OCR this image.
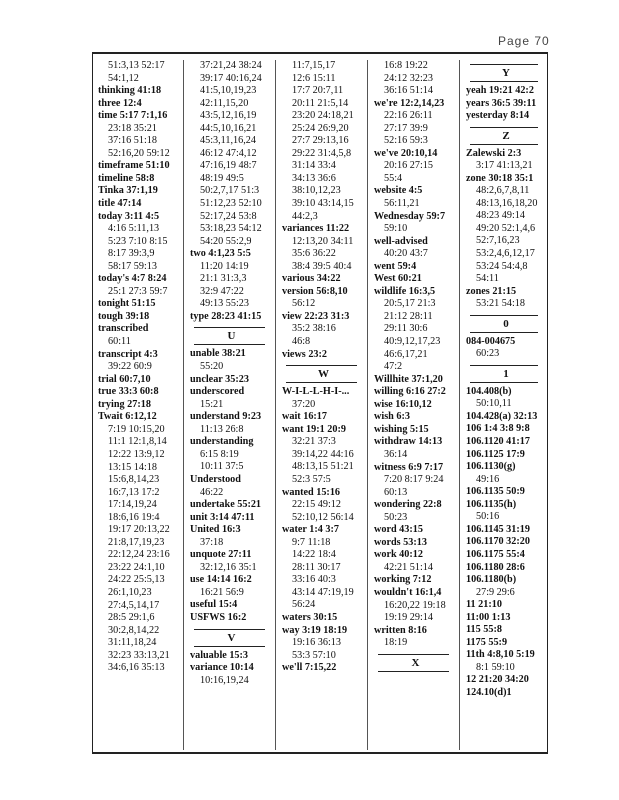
Page 70
51:3,13 52:17
54:1,12
thinking 41:18
three 12:4
time 5:17 7:1,16
23:18 35:21
37:16 51:18
52:16,20 59:12
timeframe 51:10
timeline 58:8
Tinka 37:1,19
title 47:14
today 3:11 4:5
4:16 5:11,13
5:23 7:10 8:15
8:17 39:3,9
58:17 59:13
today's 4:7 8:24
25:1 27:3 59:7
tonight 51:15
tough 39:18
transcribed
60:11
transcript 4:3
39:22 60:9
trial 60:7,10
true 33:3 60:8
trying 27:18
Twait 6:12,12
7:19 10:15,20
11:1 12:1,8,14
12:22 13:9,12
13:15 14:18
15:6,8,14,23
16:7,13 17:2
17:14,19,24
18:6,16 19:4
19:17 20:13,22
21:8,17,19,23
22:12,24 23:16
23:22 24:1,10
24:22 25:5,13
26:1,10,23
27:4,5,14,17
28:5 29:1,6
30:2,8,14,22
31:11,18,24
32:23 33:13,21
34:6,16 35:13
37:21,24 38:24
39:17 40:16,24
41:5,10,19,23
42:11,15,20
43:5,12,16,19
44:5,10,16,21
45:3,11,16,24
46:12 47:4,12
47:16,19 48:7
48:19 49:5
50:2,7,17 51:3
51:12,23 52:10
52:17,24 53:8
53:18,23 54:12
54:20 55:2,9
two 4:1,23 5:5
11:20 14:19
21:1 31:3,3
32:9 47:22
49:13 55:23
type 28:23 41:15
U
unable 38:21
55:20
unclear 35:23
underscored
15:21
understand 9:23
11:13 26:8
understanding
6:15 8:19
10:11 37:5
Understood
46:22
undertake 55:21
unit 3:14 47:11
United 16:3
37:18
unquote 27:11
32:12,16 35:1
use 14:14 16:2
16:21 56:9
useful 15:4
USFWS 16:2
V
valuable 15:3
variance 10:14
10:16,19,24
11:7,15,17
12:6 15:11
17:7 20:7,11
20:11 21:5,14
23:20 24:18,21
25:24 26:9,20
27:7 29:13,16
29:22 31:4,5,8
31:14 33:4
34:13 36:6
38:10,12,23
39:10 43:14,15
44:2,3
variances 11:22
12:13,20 34:11
35:6 36:22
38:4 39:5 40:4
various 34:22
version 56:8,10
56:12
view 22:23 31:3
35:2 38:16
46:8
views 23:2
W
W-I-L-L-H-I-...
37:20
wait 16:17
want 19:1 20:9
32:21 37:3
39:14,22 44:16
48:13,15 51:21
52:3 57:5
wanted 15:16
22:15 49:12
52:10,12 56:14
water 1:4 3:7
9:7 11:18
14:22 18:4
28:11 30:17
33:16 40:3
43:14 47:19,19
56:24
waters 30:15
way 3:19 18:19
19:16 36:13
53:3 57:10
we'll 7:15,22
16:8 19:22
24:12 32:23
36:16 51:14
we're 12:2,14,23
22:16 26:11
27:17 39:9
52:16 59:3
we've 20:10,14
20:16 27:15
55:4
website 4:5
56:11,21
Wednesday 59:7
59:10
well-advised
40:20 43:7
went 59:4
West 60:21
wildlife 16:3,5
20:5,17 21:3
21:12 28:11
29:11 30:6
40:9,12,17,23
46:6,17,21
47:2
Willhite 37:1,20
willing 6:16 27:2
wise 16:10,12
wish 6:3
wishing 5:15
withdraw 14:13
36:14
witness 6:9 7:17
7:20 8:17 9:24
60:13
wondering 22:8
50:23
word 43:15
words 53:13
work 40:12
42:21 51:14
working 7:12
wouldn't 16:1,4
16:20,22 19:18
19:19 29:14
written 8:16
18:19
X
Y
yeah 19:21 42:2
years 36:5 39:11
yesterday 8:14
Z
Zalewski 2:3
3:17 41:13,21
zone 30:18 35:1
48:2,6,7,8,11
48:13,16,18,20
48:23 49:14
49:20 52:1,4,6
52:7,16,23
53:2,4,6,12,17
53:24 54:4,8
54:11
zones 21:15
53:21 54:18
0
084-004675
60:23
1
104.408(b)
50:10,11
104.428(a) 32:13
106 1:4 3:8 9:8
106.1120 41:17
106.1125 17:9
106.1130(g)
49:16
106.1135 50:9
106.1135(h)
50:16
106.1145 31:19
106.1170 32:20
106.1175 55:4
106.1180 28:6
106.1180(b)
27:9 29:6
11 21:10
11:00 1:13
115 55:8
1175 55:9
11th 4:8,10 5:19
8:1 59:10
12 21:20 34:20
124.10(d)1
